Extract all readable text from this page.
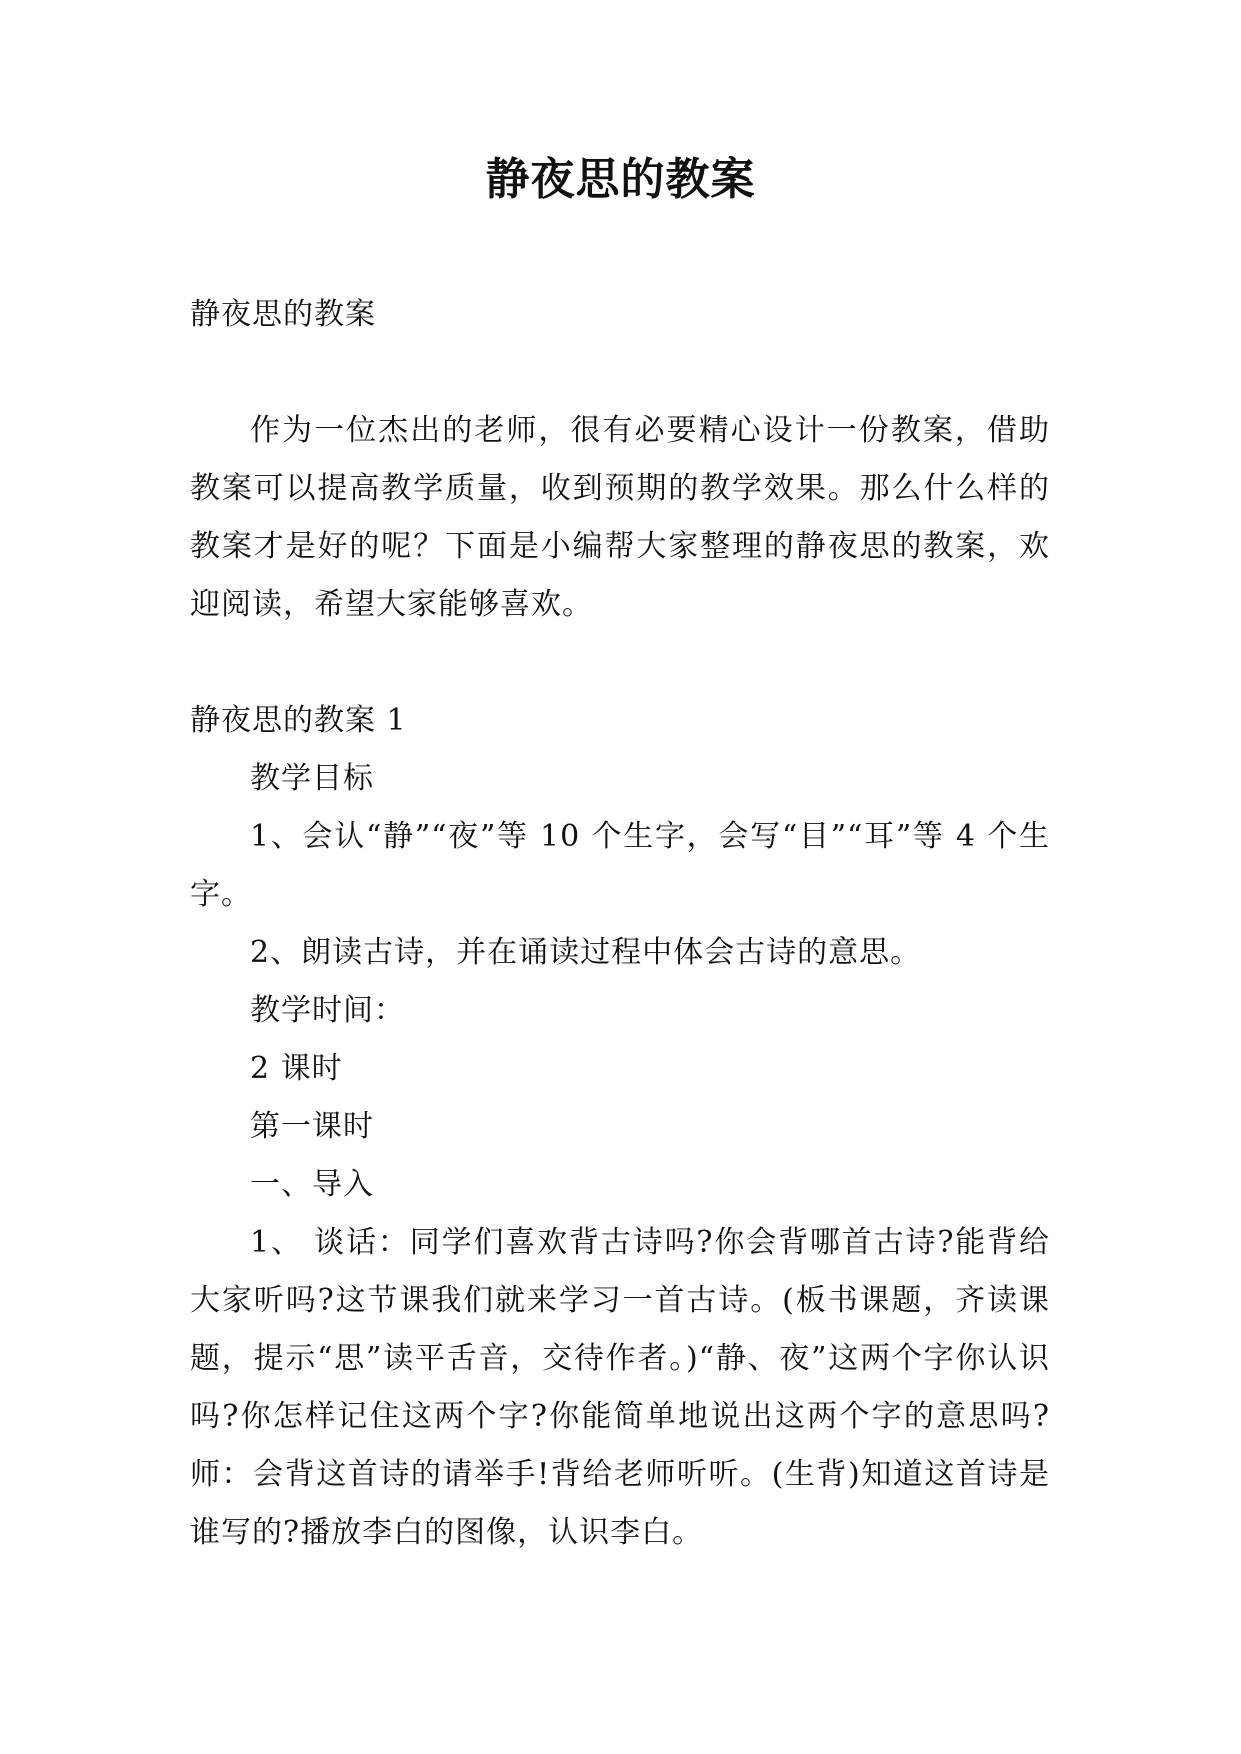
静夜思的教案

静夜思的教案

作为一位杰出的老师，很有必要精心设计一份教案，借助教案可以提高教学质量，收到预期的教学效果。那么什么样的教案才是好的呢？下面是小编帮大家整理的静夜思的教案，欢迎阅读，希望大家能够喜欢。

静夜思的教案 1

教学目标

1、会认“静”“夜”等 10 个生字，会写“目”“耳”等 4 个生字。

2、朗读古诗，并在诵读过程中体会古诗的意思。

教学时间：

2 课时

第一课时

一、导入

1、 谈话：同学们喜欢背古诗吗?你会背哪首古诗?能背给大家听吗?这节课我们就来学习一首古诗。(板书课题，齐读课题，提示“思”读平舌音，交待作者。)“静、夜”这两个字你认识吗?你怎样记住这两个字?你能简单地说出这两个字的意思吗?师：会背这首诗的请举手!背给老师听听。(生背)知道这首诗是谁写的?播放李白的图像，认识李白。
